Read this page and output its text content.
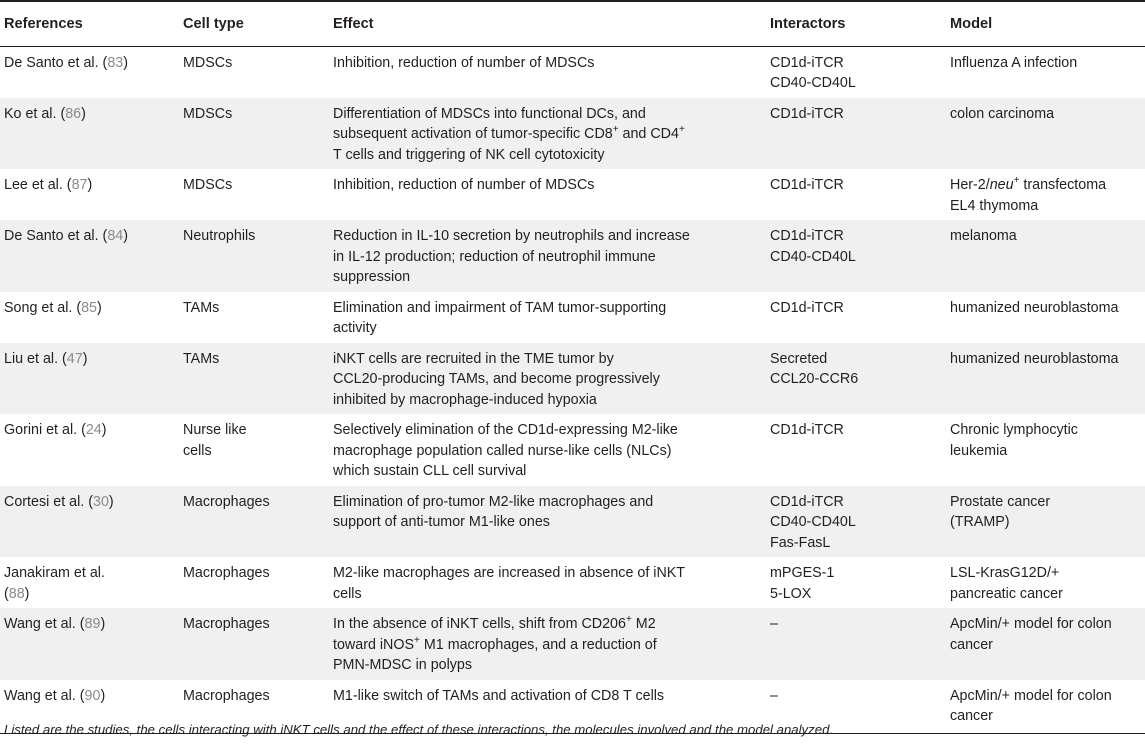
References	Cell type	Effect	Interactors	Model
De Santo et al. (83)	MDSCs	Inhibition, reduction of number of MDSCs	CD1d-iTCR
CD40-CD40L	Influenza A infection

Ko et al. (86)	MDSCs	Differentiation of MDSCs into functional DCs, and
subsequent activation of tumor-specific CD8+ and CD4+
T cells and triggering of NK cell cytotoxicity	CD1d-iTCR	colon carcinoma

Lee et al. (87)	MDSCs	Inhibition, reduction of number of MDSCs	CD1d-iTCR	Her-2/neu+ transfectoma
EL4 thymoma

De Santo et al. (84)	Neutrophils	Reduction in IL-10 secretion by neutrophils and increase
in IL-12 production; reduction of neutrophil immune
suppression	CD1d-iTCR
CD40-CD40L	melanoma

Song et al. (85)	TAMs	Elimination and impairment of TAM tumor-supporting
activity	CD1d-iTCR	humanized neuroblastoma

Liu et al. (47)	TAMs	iNKT cells are recruited in the TME tumor by
CCL20-producing TAMs, and become progressively
inhibited by macrophage-induced hypoxia	Secreted
CCL20-CCR6	humanized neuroblastoma

Gorini et al. (24)	Nurse like
cells	Selectively elimination of the CD1d-expressing M2-like
macrophage population called nurse-like cells (NLCs)
which sustain CLL cell survival	CD1d-iTCR	Chronic lymphocytic
leukemia

Cortesi et al. (30)	Macrophages	Elimination of pro-tumor M2-like macrophages and
support of anti-tumor M1-like ones	CD1d-iTCR
CD40-CD40L
Fas-FasL	Prostate cancer
(TRAMP)

Janakiram et al.
(88)	Macrophages	M2-like macrophages are increased in absence of iNKT
cells	mPGES-1
5-LOX	LSL-KrasG12D/+
pancreatic cancer

Wang et al. (89)	Macrophages	In the absence of iNKT cells, shift from CD206+ M2
toward iNOS+ M1 macrophages, and a reduction of
PMN-MDSC in polyps	–	ApcMin/+ model for colon
cancer

Wang et al. (90)	Macrophages	M1-like switch of TAMs and activation of CD8 T cells	–	ApcMin/+ model for colon
cancer
Listed are the studies, the cells interacting with iNKT cells and the effect of these interactions, the molecules involved and the model analyzed.
